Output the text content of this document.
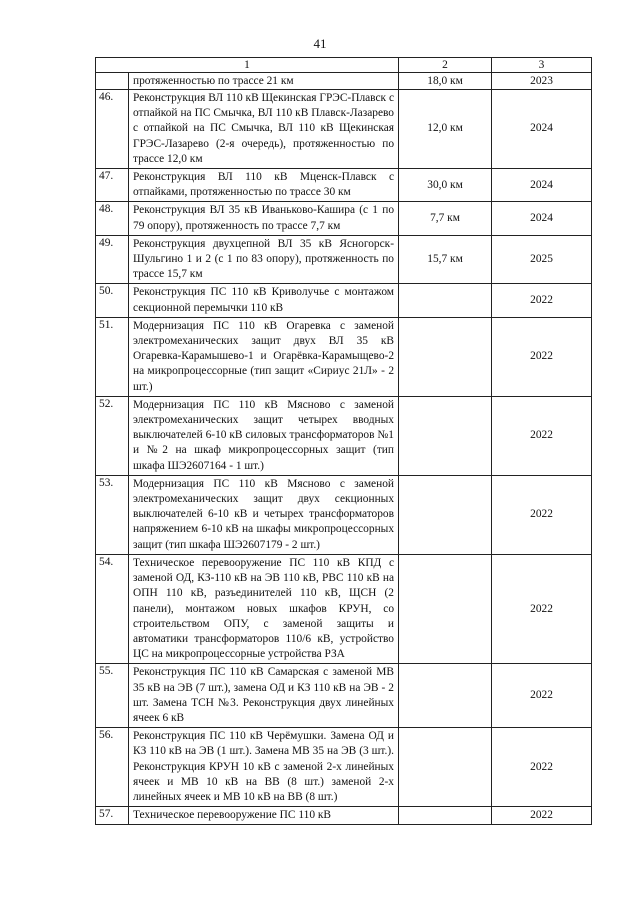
41
1		2	3
	протяженностью по трассе 21 км	18,0 км	2023
46.	Реконструкция ВЛ 110 кВ Щекинская ГРЭС-Плавск с отпайкой на ПС Смычка, ВЛ 110 кВ Плавск-Лазарево с отпайкой на ПС Смычка, ВЛ 110 кВ Щекинская ГРЭС-Лазарево (2-я очередь), протяженностью по трассе 12,0 км	12,0 км	2024
47.	Реконструкция ВЛ 110 кВ Мценск-Плавск с отпайками, протяженностью по трассе 30 км	30,0 км	2024
48.	Реконструкция ВЛ 35 кВ Иваньково-Кашира (с 1 по 79 опору), протяженность по трассе 7,7 км	7,7 км	2024
49.	Реконструкция двухцепной ВЛ 35 кВ Ясногорск-Шульгино 1 и 2 (с 1 по 83 опору), протяженность по трассе 15,7 км	15,7 км	2025
50.	Реконструкция ПС 110 кВ Криволучье с монтажом секционной перемычки 110 кВ		2022
51.	Модернизация ПС 110 кВ Огаревка с заменой электромеханических защит двух ВЛ 35 кВ Огаревка-Карамышево-1 и Огарёвка-Карамыщево-2 на микропроцессорные (тип защит «Сириус 21Л» - 2 шт.)		2022
52.	Модернизация ПС 110 кВ Мясново с заменой электромеханических защит четырех вводных выключателей 6-10 кВ силовых трансформаторов №1 и №2 на шкаф микропроцессорных защит (тип шкафа ШЭ2607164 - 1 шт.)		2022
53.	Модернизация ПС 110 кВ Мясново с заменой электромеханических защит двух секционных выключателей 6-10 кВ и четырех трансформаторов напряжением 6-10 кВ на шкафы микропроцессорных защит (тип шкафа ШЭ2607179 - 2 шт.)		2022
54.	Техническое перевооружение ПС 110 кВ КПД с заменой ОД, КЗ-110 кВ на ЭВ 110 кВ, РВС 110 кВ на ОПН 110 кВ, разъединителей 110 кВ, ЩСН (2 панели), монтажом новых шкафов КРУН, со строительством ОПУ, с заменой защиты и автоматики трансформаторов 110/6 кВ, устройство ЦС на микропроцессорные устройства РЗА		2022
55.	Реконструкция ПС 110 кВ Самарская с заменой МВ 35 кВ на ЭВ (7 шт.), замена ОД и КЗ 110 кВ на ЭВ - 2 шт. Замена ТСН №3. Реконструкция двух линейных ячеек 6 кВ		2022
56.	Реконструкция ПС 110 кВ Черёмушки. Замена ОД и КЗ 110 кВ на ЭВ (1 шт.). Замена МВ 35 на ЭВ (3 шт.). Реконструкция КРУН 10 кВ с заменой 2-х линейных ячеек и МВ 10 кВ на ВВ (8 шт.) заменой 2-х линейных ячеек и МВ 10 кВ на ВВ (8 шт.)		2022
57.	Техническое перевооружение ПС 110 кВ		2022
